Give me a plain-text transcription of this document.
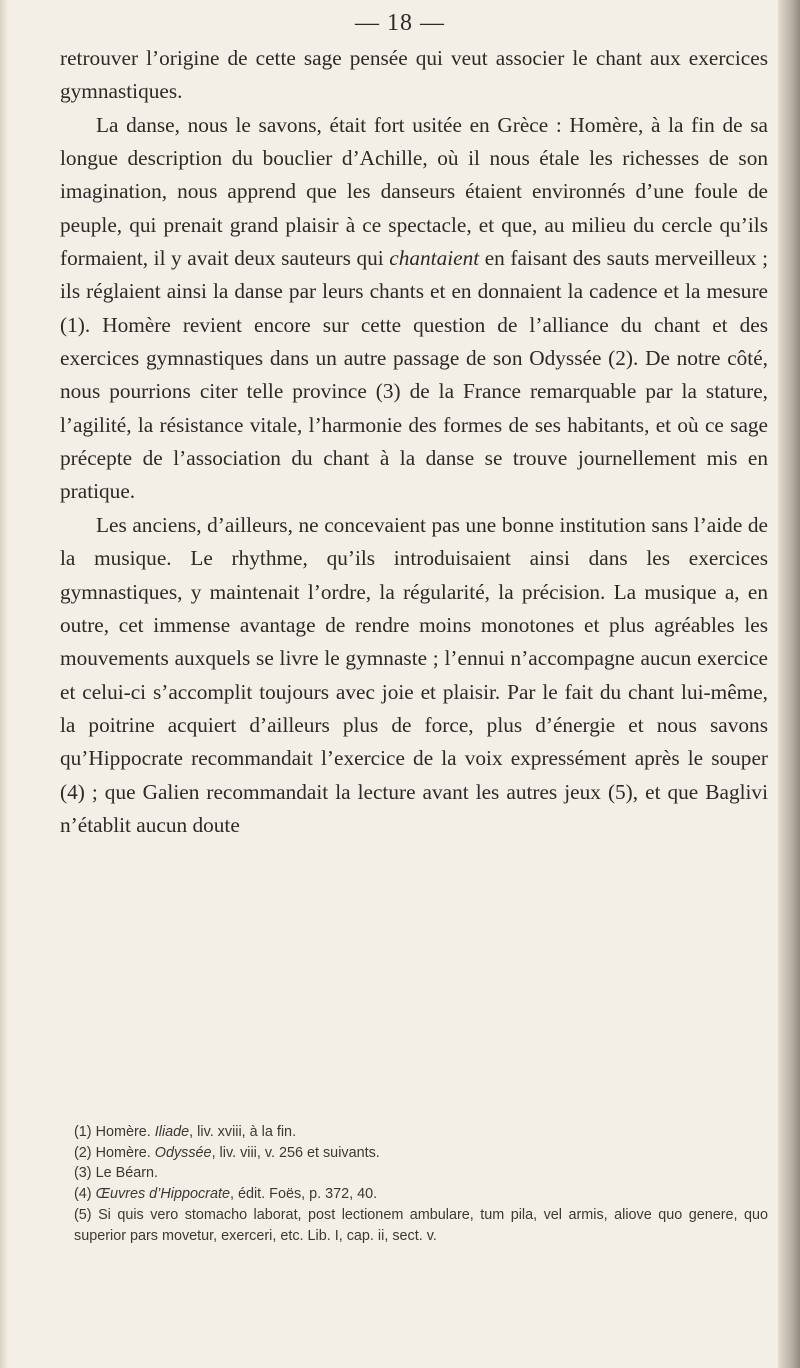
— 18 —

retrouver l’origine de cette sage pensée qui veut associer le chant aux exercices gymnastiques.

La danse, nous le savons, était fort usitée en Grèce : Homère, à la fin de sa longue description du bouclier d’Achille, où il nous étale les richesses de son imagination, nous apprend que les danseurs étaient environnés d’une foule de peuple, qui prenait grand plaisir à ce spectacle, et que, au milieu du cercle qu’ils formaient, il y avait deux sauteurs qui chantaient en faisant des sauts merveilleux ; ils réglaient ainsi la danse par leurs chants et en donnaient la cadence et la mesure (1). Homère revient encore sur cette question de l’alliance du chant et des exercices gymnastiques dans un autre passage de son Odyssée (2). De notre côté, nous pourrions citer telle province (3) de la France remarquable par la stature, l’agilité, la résistance vitale, l’harmonie des formes de ses habitants, et où ce sage précepte de l’association du chant à la danse se trouve journellement mis en pratique.

Les anciens, d’ailleurs, ne concevaient pas une bonne institution sans l’aide de la musique. Le rhythme, qu’ils introduisaient ainsi dans les exercices gymnastiques, y maintenait l’ordre, la régularité, la précision. La musique a, en outre, cet immense avantage de rendre moins monotones et plus agréables les mouvements auxquels se livre le gymnaste ; l’ennui n’accompagne aucun exercice et celui-ci s’accomplit toujours avec joie et plaisir. Par le fait du chant lui-même, la poitrine acquiert d’ailleurs plus de force, plus d’énergie et nous savons qu’Hippocrate recommandait l’exercice de la voix expressément après le souper (4) ; que Galien recommandait la lecture avant les autres jeux (5), et que Baglivi n’établit aucun doute

(1) Homère. Iliade, liv. xviii, à la fin.
(2) Homère. Odyssée, liv. viii, v. 256 et suivants.
(3) Le Béarn.
(4) Œuvres d’Hippocrate, édit. Foës, p. 372, 40.
(5) Si quis vero stomacho laborat, post lectionem ambulare, tum pila, vel armis, aliove quo genere, quo superior pars movetur, exerceri, etc. Lib. I, cap. ii, sect. v.
